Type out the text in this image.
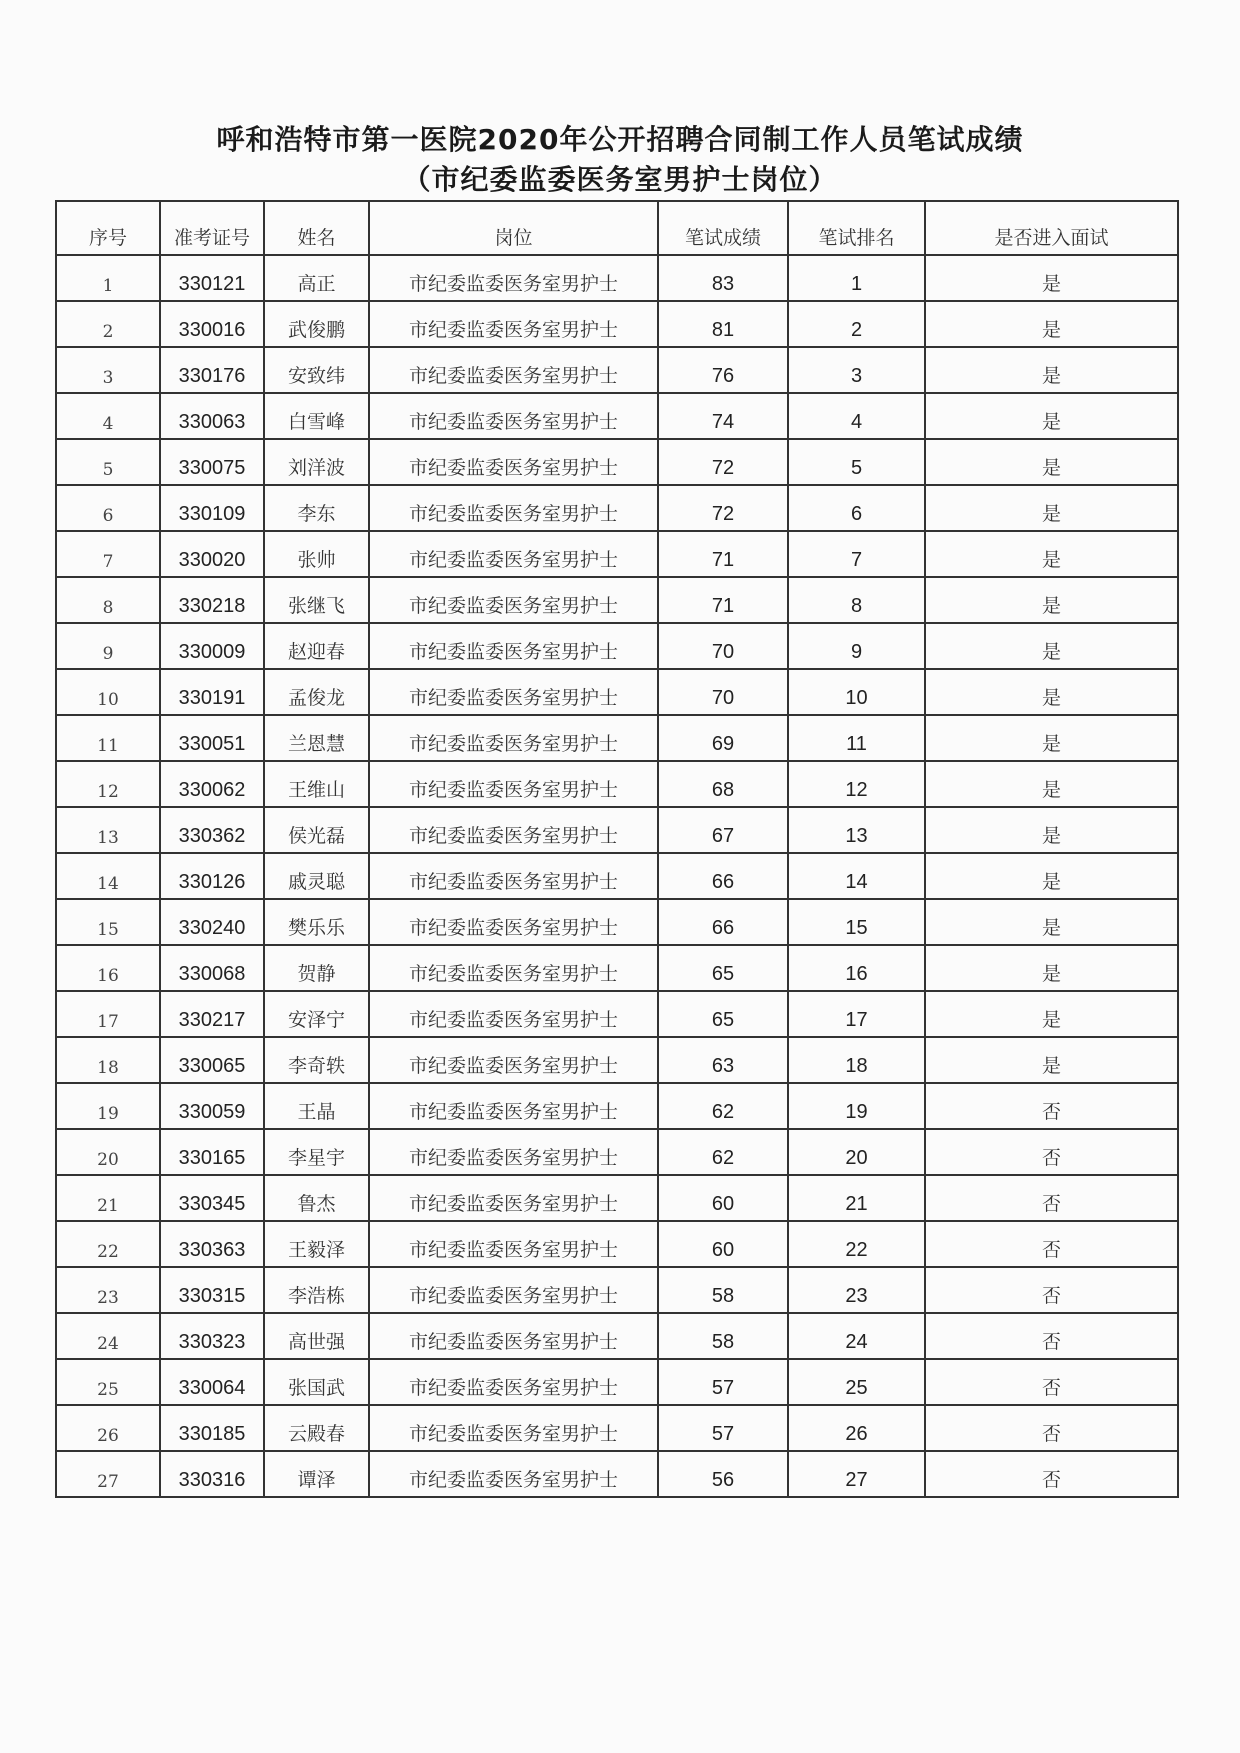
呼和浩特市第一医院2020年公开招聘合同制工作人员笔试成绩
（市纪委监委医务室男护士岗位）
序号	准考证号	姓名	岗位	笔试成绩	笔试排名	是否进入面试
1	330121	高正	市纪委监委医务室男护士	83	1	是
2	330016	武俊鹏	市纪委监委医务室男护士	81	2	是
3	330176	安致纬	市纪委监委医务室男护士	76	3	是
4	330063	白雪峰	市纪委监委医务室男护士	74	4	是
5	330075	刘洋波	市纪委监委医务室男护士	72	5	是
6	330109	李东	市纪委监委医务室男护士	72	6	是
7	330020	张帅	市纪委监委医务室男护士	71	7	是
8	330218	张继飞	市纪委监委医务室男护士	71	8	是
9	330009	赵迎春	市纪委监委医务室男护士	70	9	是
10	330191	孟俊龙	市纪委监委医务室男护士	70	10	是
11	330051	兰恩慧	市纪委监委医务室男护士	69	11	是
12	330062	王维山	市纪委监委医务室男护士	68	12	是
13	330362	侯光磊	市纪委监委医务室男护士	67	13	是
14	330126	戚灵聪	市纪委监委医务室男护士	66	14	是
15	330240	樊乐乐	市纪委监委医务室男护士	66	15	是
16	330068	贺静	市纪委监委医务室男护士	65	16	是
17	330217	安泽宁	市纪委监委医务室男护士	65	17	是
18	330065	李奇轶	市纪委监委医务室男护士	63	18	是
19	330059	王晶	市纪委监委医务室男护士	62	19	否
20	330165	李星宇	市纪委监委医务室男护士	62	20	否
21	330345	鲁杰	市纪委监委医务室男护士	60	21	否
22	330363	王毅泽	市纪委监委医务室男护士	60	22	否
23	330315	李浩栋	市纪委监委医务室男护士	58	23	否
24	330323	高世强	市纪委监委医务室男护士	58	24	否
25	330064	张国武	市纪委监委医务室男护士	57	25	否
26	330185	云殿春	市纪委监委医务室男护士	57	26	否
27	330316	谭泽	市纪委监委医务室男护士	56	27	否
